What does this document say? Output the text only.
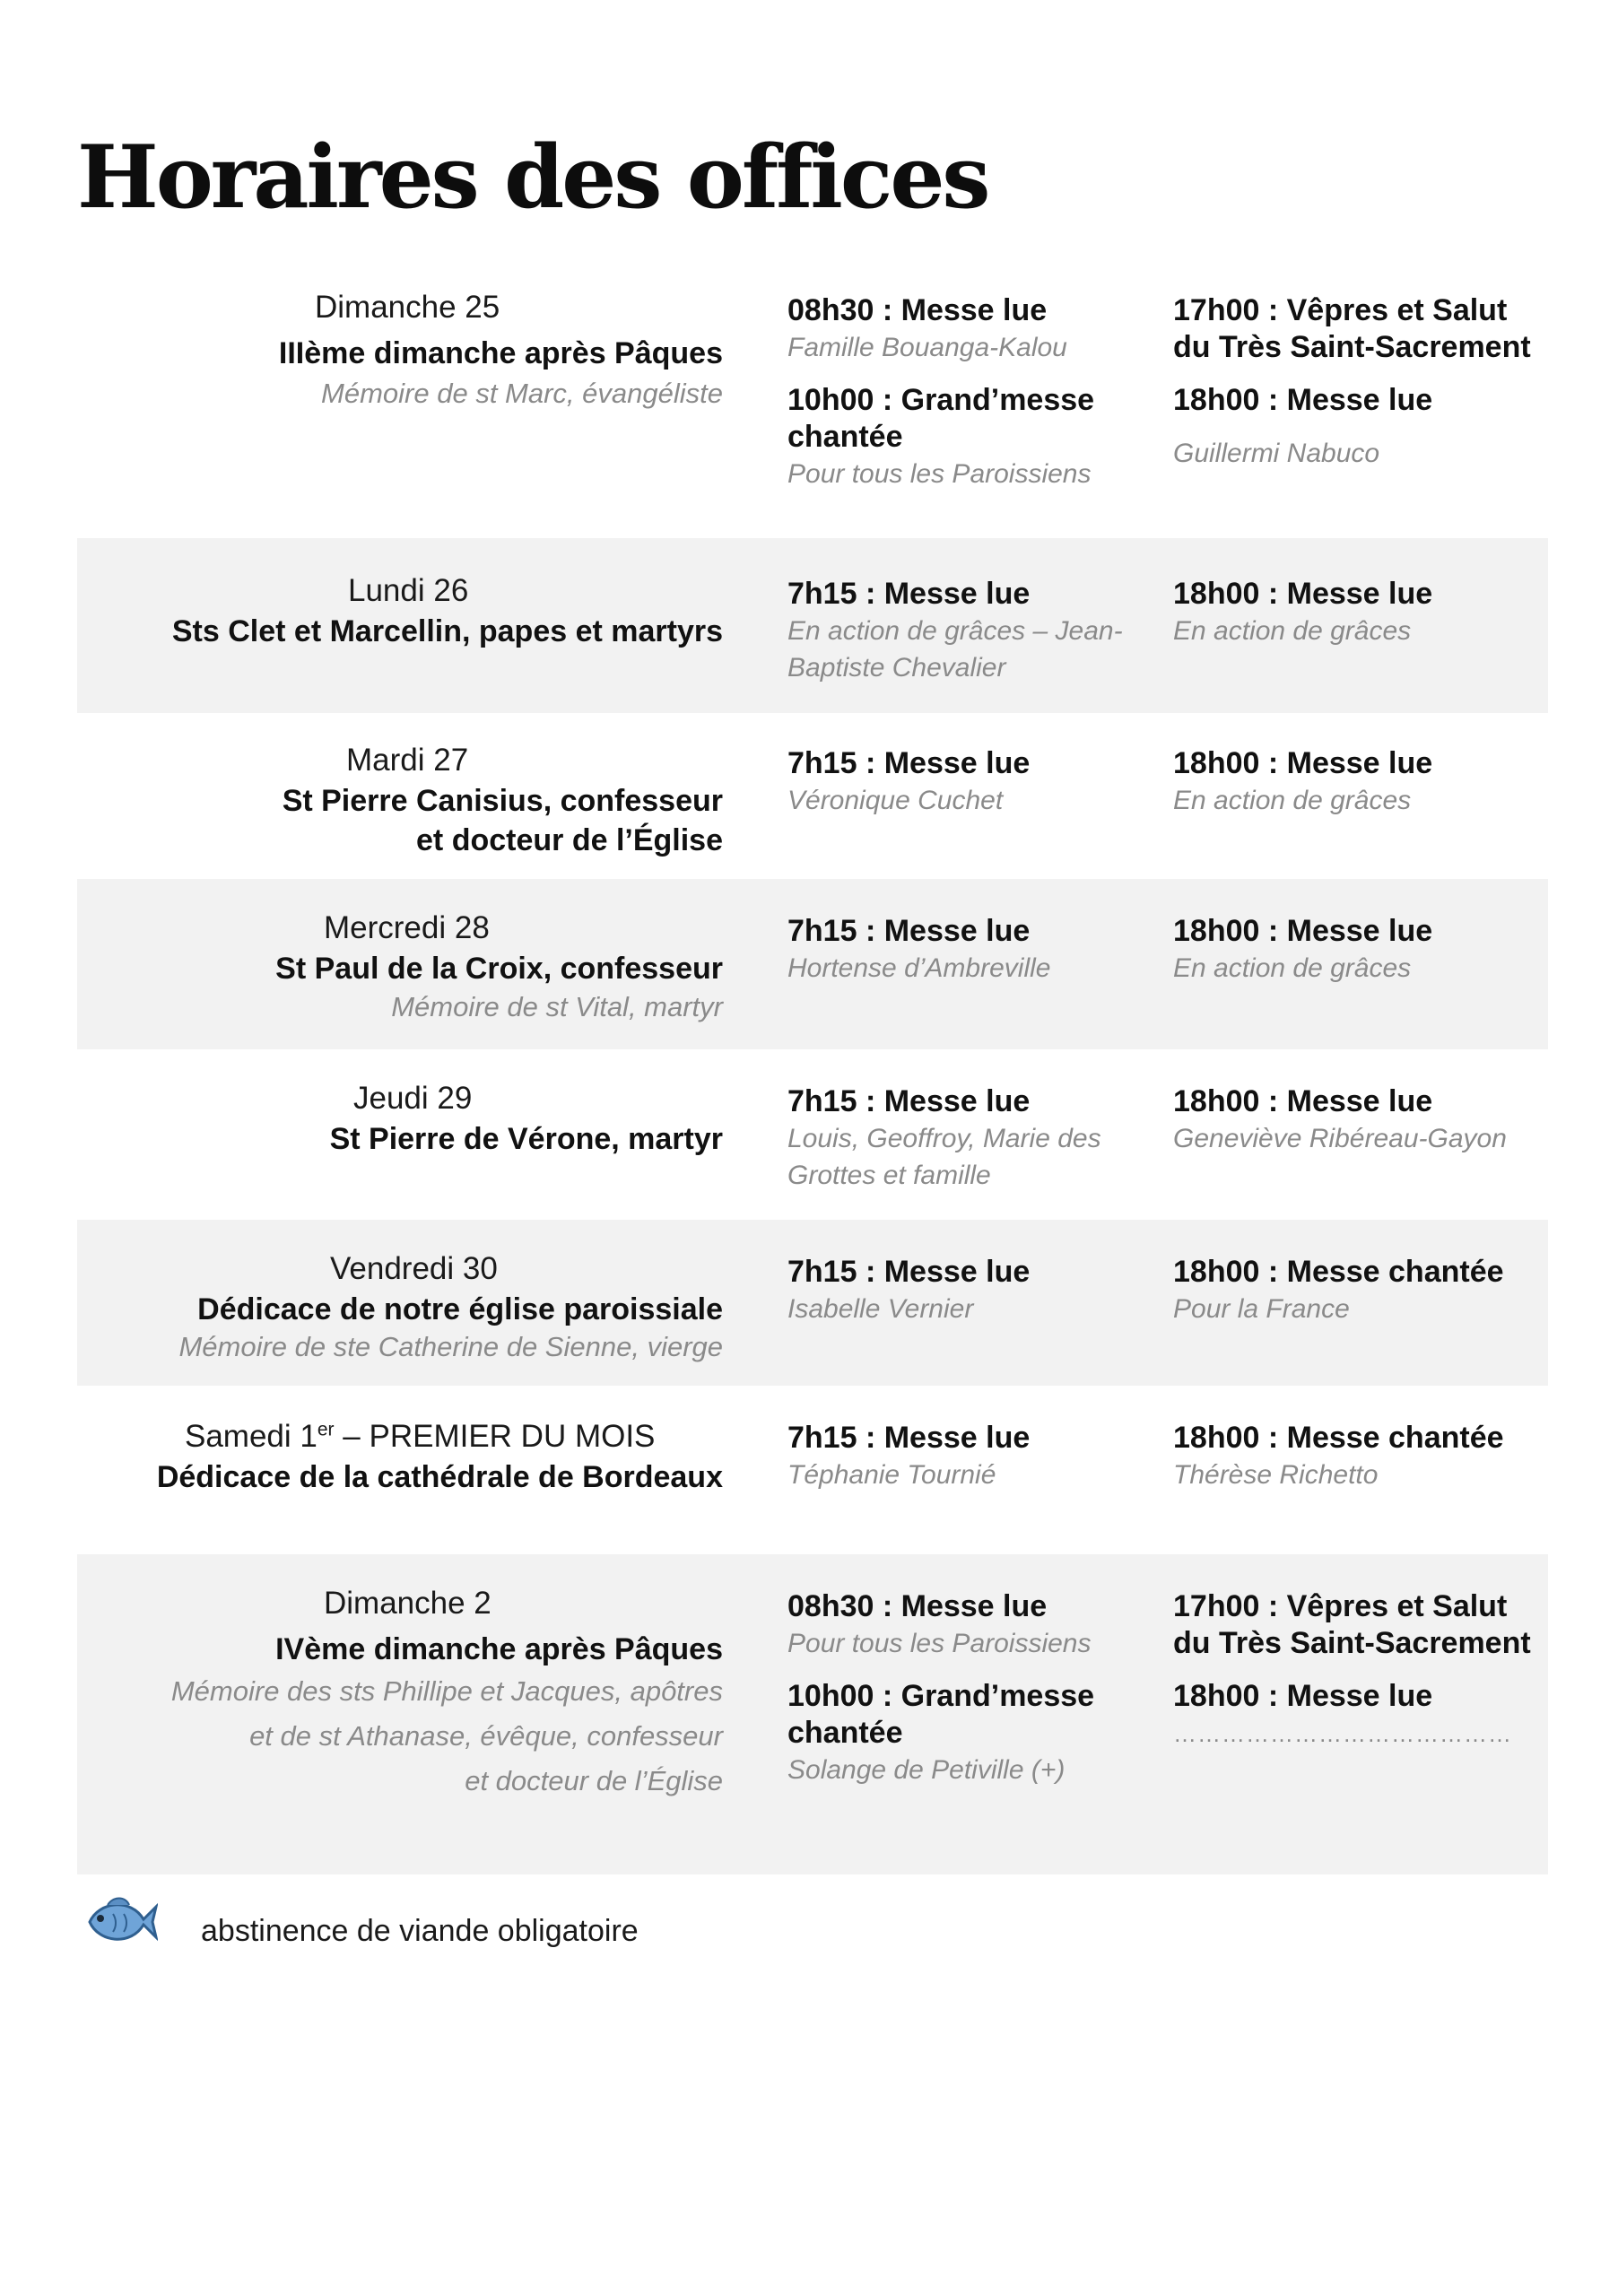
Horaires des offices
Dimanche 25
IIIème dimanche après Pâques
Mémoire de st Marc, évangéliste
08h30 : Messe lue
Famille Bouanga-Kalou
10h00 : Grand’messe chantée
Pour tous les Paroissiens
17h00 : Vêpres et Salut du Très Saint-Sacrement
18h00 : Messe lue
Guillermi Nabuco
Lundi 26
Sts Clet et Marcellin, papes et martyrs
7h15 : Messe lue
En action de grâces – Jean-Baptiste Chevalier
18h00 : Messe lue
En action de grâces
Mardi 27
St Pierre Canisius, confesseur
et docteur de l’Église
7h15 : Messe lue
Véronique Cuchet
18h00 : Messe lue
En action de grâces
Mercredi 28
St Paul de la Croix, confesseur
Mémoire de st Vital, martyr
7h15 : Messe lue
Hortense d’Ambreville
18h00 : Messe lue
En action de grâces
Jeudi 29
St Pierre de Vérone, martyr
7h15 : Messe lue
Louis, Geoffroy, Marie des Grottes et famille
18h00 : Messe lue
Geneviève Ribéreau-Gayon
Vendredi 30
Dédicace de notre église paroissiale
Mémoire de ste Catherine de Sienne, vierge
7h15 : Messe lue
Isabelle Vernier
18h00 : Messe chantée
Pour la France
Samedi 1er – PREMIER DU MOIS
Dédicace de la cathédrale de Bordeaux
7h15 : Messe lue
Téphanie Tournié
18h00 : Messe chantée
Thérèse Richetto
Dimanche 2
IVème dimanche après Pâques
Mémoire des sts Phillipe et Jacques, apôtres
et de st Athanase, évêque, confesseur
et docteur de l’Église
08h30 : Messe lue
Pour tous les Paroissiens
10h00 : Grand’messe chantée
Solange de Petiville (+)
17h00 : Vêpres et Salut du Très Saint-Sacrement
18h00 : Messe lue
……………………………………
abstinence de viande obligatoire
